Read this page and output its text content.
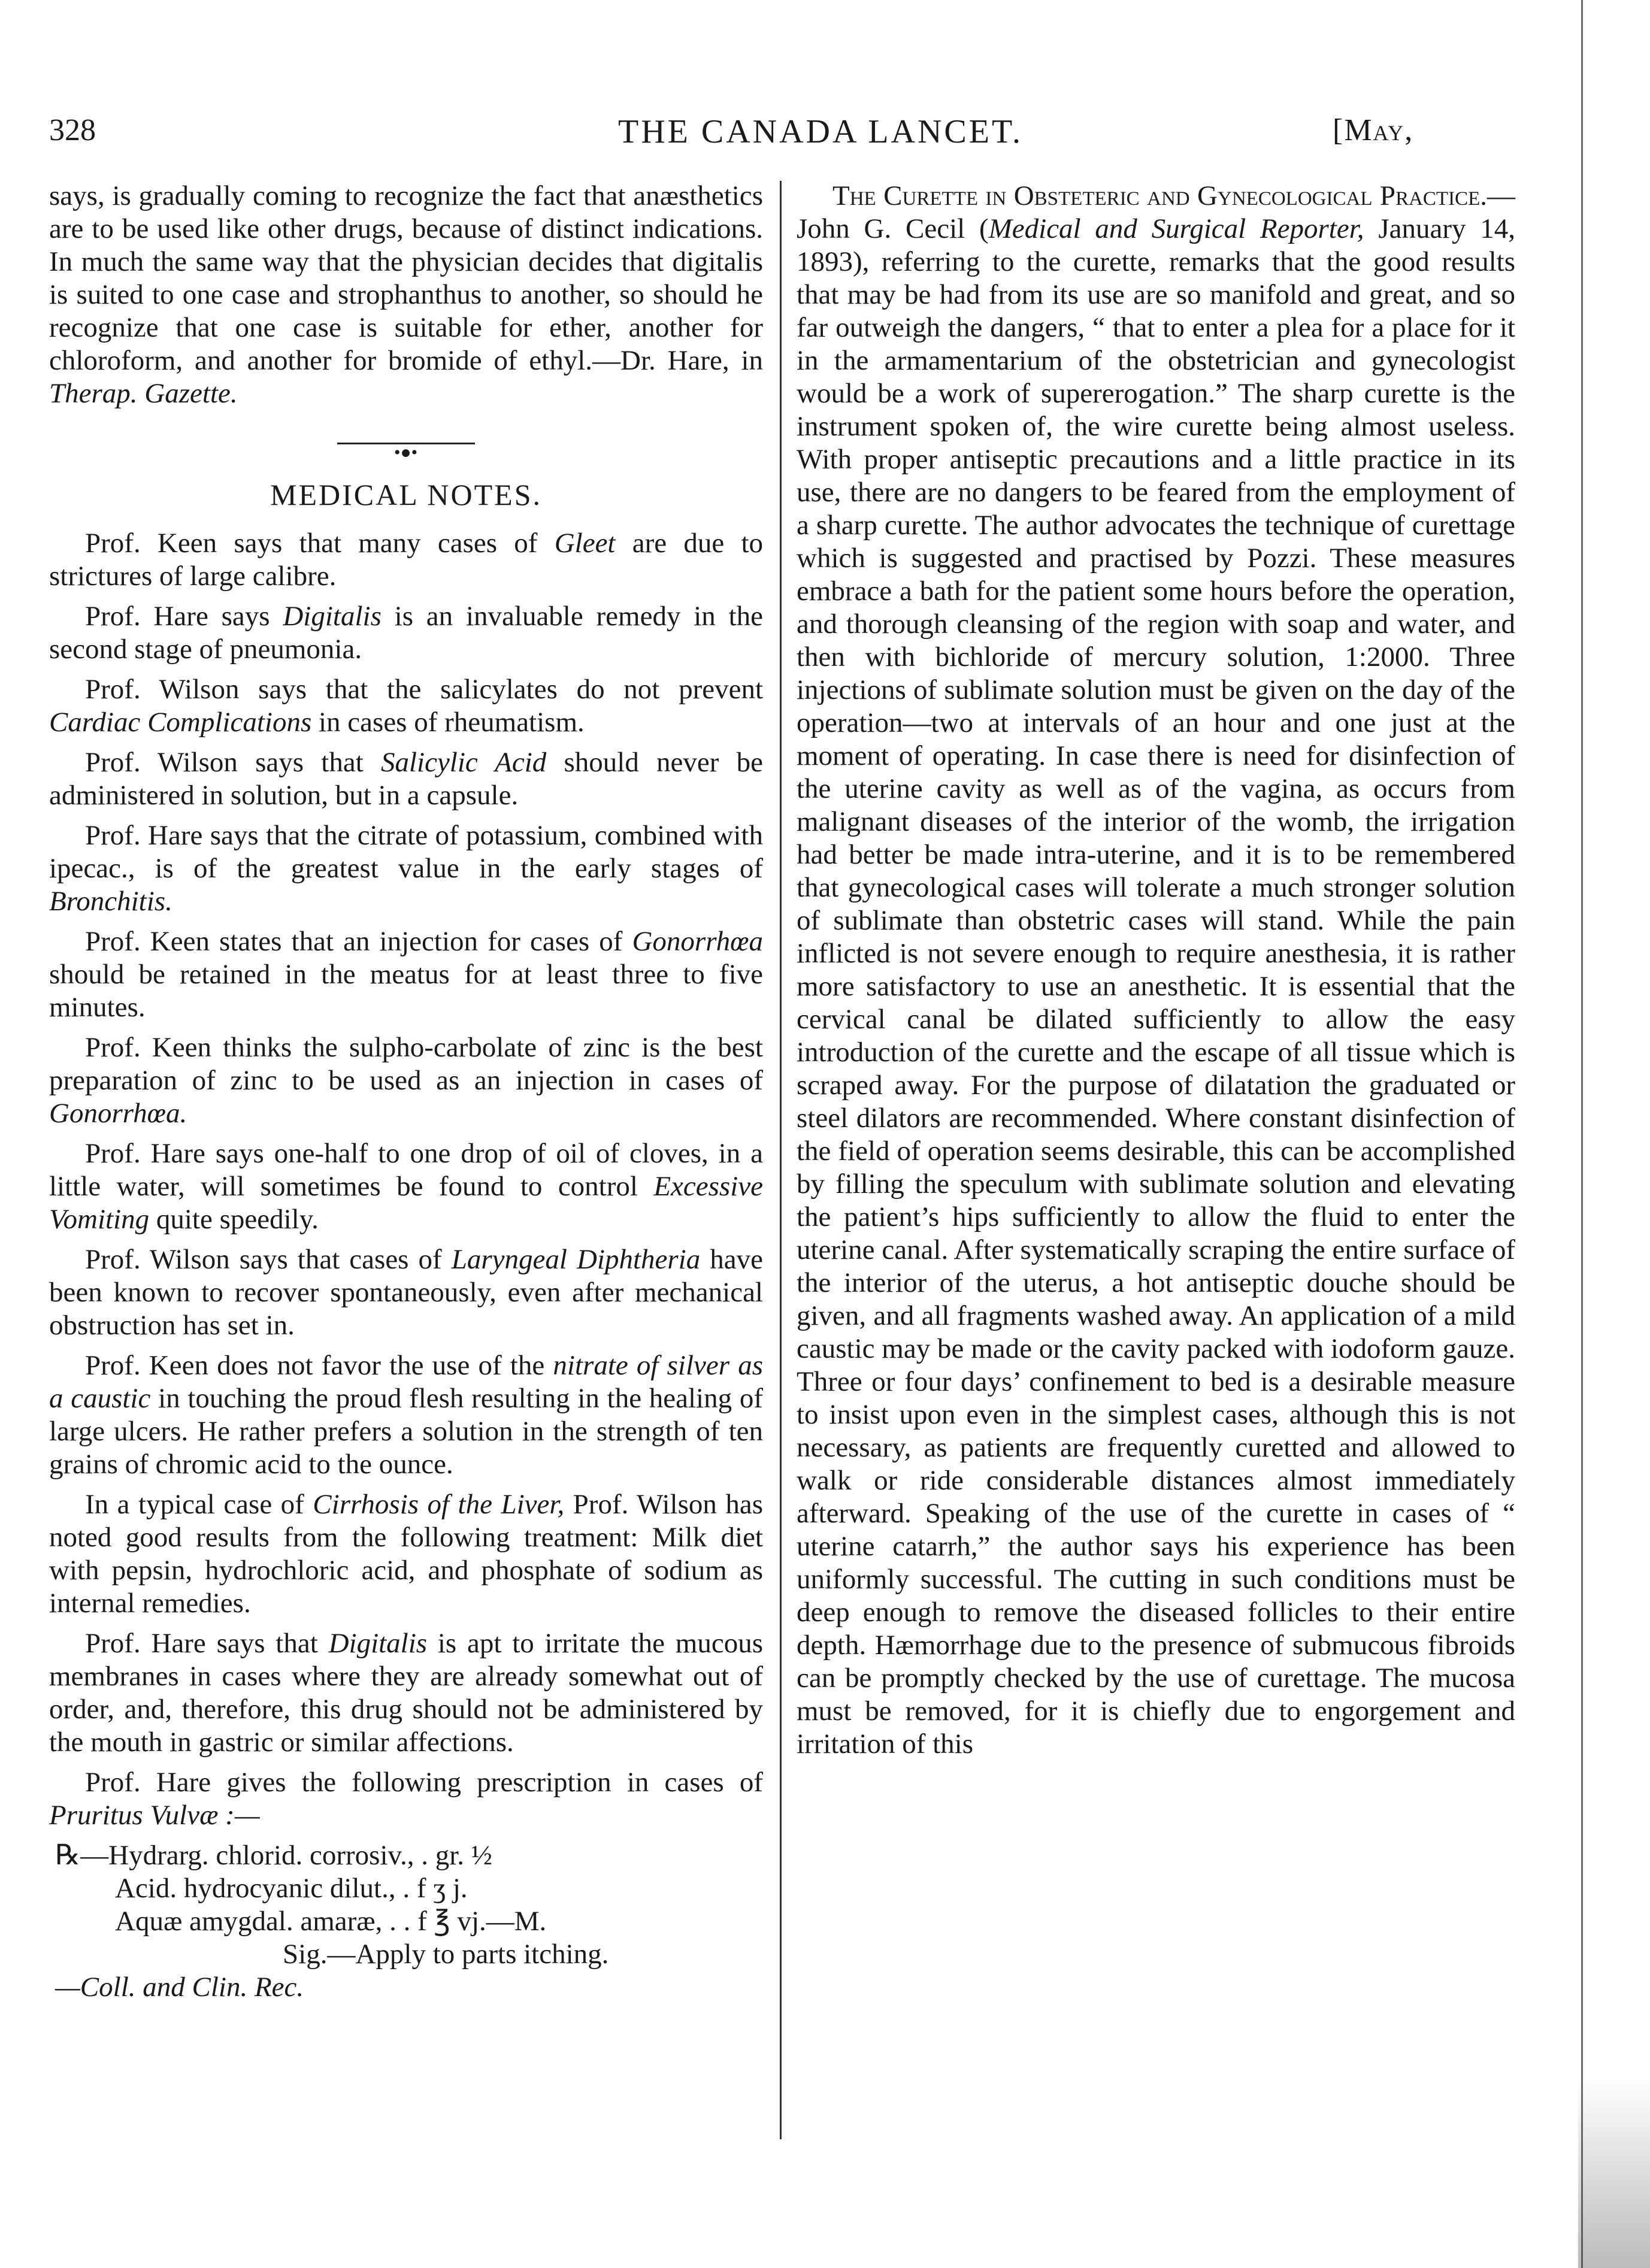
328	THE CANADA LANCET.	[May,

says, is gradually coming to recognize the fact that anæsthetics are to be used like other drugs, because of distinct indications. In much the same way that the physician decides that digitalis is suited to one case and strophanthus to another, so should he recognize that one case is suitable for ether, another for chloroform, and another for bromide of ethyl.—Dr. Hare, in Therap. Gazette.

•●•
MEDICAL NOTES.

Prof. Keen says that many cases of Gleet are due to strictures of large calibre.

Prof. Hare says Digitalis is an invaluable remedy in the second stage of pneumonia.

Prof. Wilson says that the salicylates do not prevent Cardiac Complications in cases of rheumatism.

Prof. Wilson says that Salicylic Acid should never be administered in solution, but in a capsule.

Prof. Hare says that the citrate of potassium, combined with ipecac., is of the greatest value in the early stages of Bronchitis.

Prof. Keen states that an injection for cases of Gonorrhœa should be retained in the meatus for at least three to five minutes.

Prof. Keen thinks the sulpho-carbolate of zinc is the best preparation of zinc to be used as an injection in cases of Gonorrhœa.

Prof. Hare says one-half to one drop of oil of cloves, in a little water, will sometimes be found to control Excessive Vomiting quite speedily.

Prof. Wilson says that cases of Laryngeal Diphtheria have been known to recover spontaneously, even after mechanical obstruction has set in.

Prof. Keen does not favor the use of the nitrate of silver as a caustic in touching the proud flesh resulting in the healing of large ulcers. He rather prefers a solution in the strength of ten grains of chromic acid to the ounce.

In a typical case of Cirrhosis of the Liver, Prof. Wilson has noted good results from the following treatment: Milk diet with pepsin, hydrochloric acid, and phosphate of sodium as internal remedies.

Prof. Hare says that Digitalis is apt to irritate the mucous membranes in cases where they are already somewhat out of order, and, therefore, this drug should not be administered by the mouth in gastric or similar affections.

Prof. Hare gives the following prescription in cases of Pruritus Vulvæ :—

℞—Hydrarg. chlorid. corrosiv., . gr. ½
Acid. hydrocyanic dilut., . f ʒ j.
Aquæ amygdal. amaræ, . . f ℥ vj.—M.
Sig.—Apply to parts itching.
—Coll. and Clin. Rec.

The Curette in Obsteteric and Gynecological Practice.—John G. Cecil (Medical and Surgical Reporter, January 14, 1893), referring to the curette, remarks that the good results that may be had from its use are so manifold and great, and so far outweigh the dangers, “ that to enter a plea for a place for it in the armamentarium of the obstetrician and gynecologist would be a work of supererogation.” The sharp curette is the instrument spoken of, the wire curette being almost useless. With proper antiseptic precautions and a little practice in its use, there are no dangers to be feared from the employment of a sharp curette. The author advocates the technique of curettage which is suggested and practised by Pozzi. These measures embrace a bath for the patient some hours before the operation, and thorough cleansing of the region with soap and water, and then with bichloride of mercury solution, 1:2000. Three injections of sublimate solution must be given on the day of the operation—two at intervals of an hour and one just at the moment of operating. In case there is need for disinfection of the uterine cavity as well as of the vagina, as occurs from malignant diseases of the interior of the womb, the irrigation had better be made intra-uterine, and it is to be remembered that gynecological cases will tolerate a much stronger solution of sublimate than obstetric cases will stand. While the pain inflicted is not severe enough to require anesthesia, it is rather more satisfactory to use an anesthetic. It is essential that the cervical canal be dilated sufficiently to allow the easy introduction of the curette and the escape of all tissue which is scraped away. For the purpose of dilatation the graduated or steel dilators are recommended. Where constant disinfection of the field of operation seems desirable, this can be accomplished by filling the speculum with sublimate solution and elevating the patient’s hips sufficiently to allow the fluid to enter the uterine canal. After systematically scraping the entire surface of the interior of the uterus, a hot antiseptic douche should be given, and all fragments washed away. An application of a mild caustic may be made or the cavity packed with iodoform gauze. Three or four days’ confinement to bed is a desirable measure to insist upon even in the simplest cases, although this is not necessary, as patients are frequently curetted and allowed to walk or ride considerable distances almost immediately afterward. Speaking of the use of the curette in cases of “ uterine catarrh,” the author says his experience has been uniformly successful. The cutting in such conditions must be deep enough to remove the diseased follicles to their entire depth. Hæmorrhage due to the presence of submucous fibroids can be promptly checked by the use of curettage. The mucosa must be removed, for it is chiefly due to engorgement and irritation of this
